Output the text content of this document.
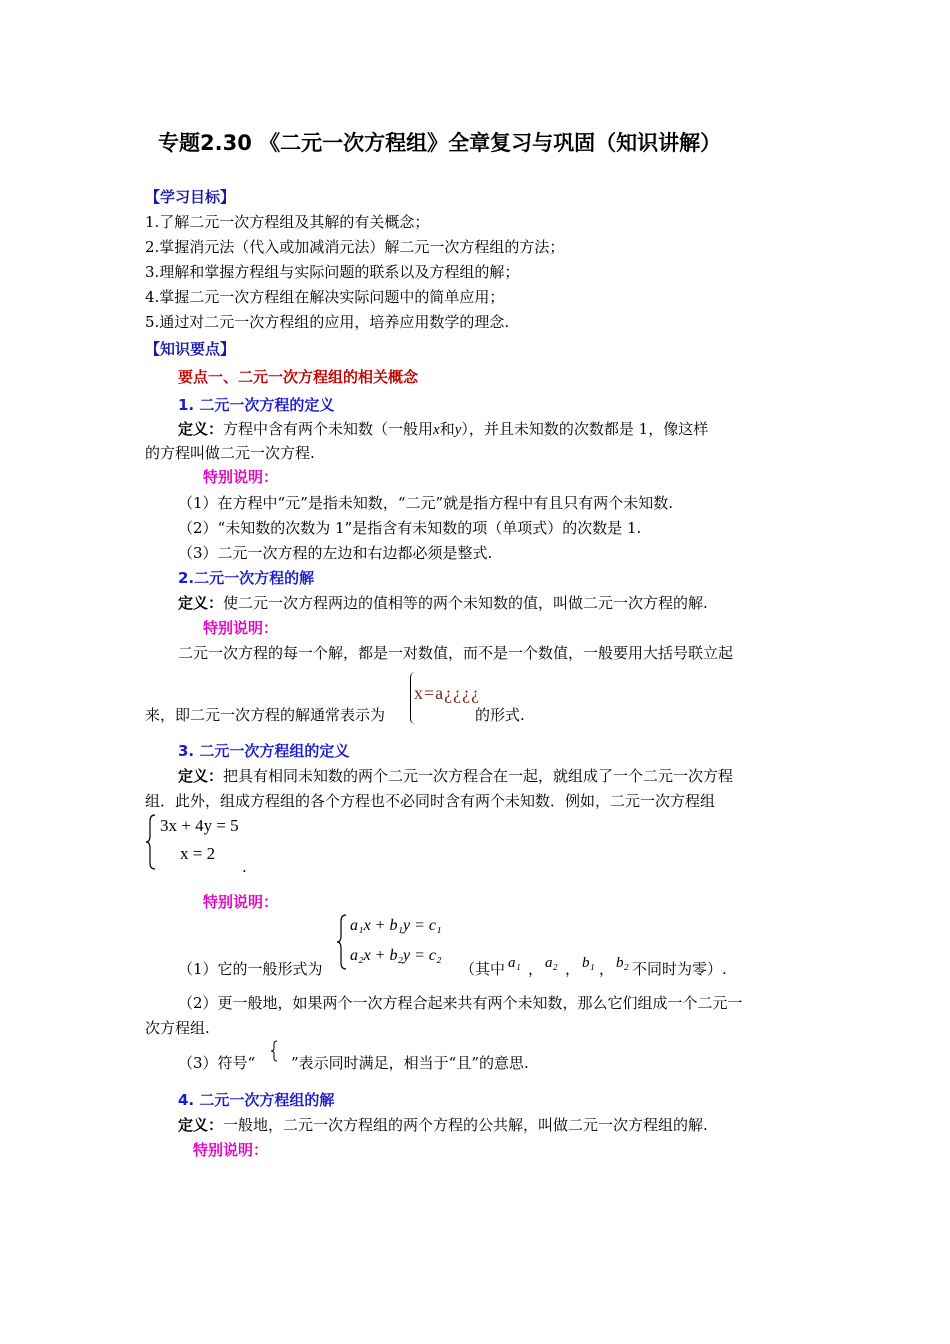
专题2.30 《二元一次方程组》全章复习与巩固（知识讲解）
【学习目标】
1.了解二元一次方程组及其解的有关概念；
2.掌握消元法（代入或加减消元法）解二元一次方程组的方法；
3.理解和掌握方程组与实际问题的联系以及方程组的解；
4.掌握二元一次方程组在解决实际问题中的简单应用；
5.通过对二元一次方程组的应用，培养应用数学的理念.
【知识要点】
要点一、二元一次方程组的相关概念
1. 二元一次方程的定义
定义：方程中含有两个未知数（一般用x和y），并且未知数的次数都是 1，像这样
的方程叫做二元一次方程.
特别说明：
（1）在方程中“元”是指未知数，“二元”就是指方程中有且只有两个未知数.
（2）“未知数的次数为 1”是指含有未知数的项（单项式）的次数是 1.
（3）二元一次方程的左边和右边都必须是整式.
2.二元一次方程的解
定义：使二元一次方程两边的值相等的两个未知数的值，叫做二元一次方程的解.
特别说明：
二元一次方程的每一个解，都是一对数值，而不是一个数值，一般要用大括号联立起
来，即二元一次方程的解通常表示为
x=a¿¿¿¿
的形式.
3. 二元一次方程组的定义
定义：把具有相同未知数的两个二元一次方程合在一起，就组成了一个二元一次方程
组．此外，组成方程组的各个方程也不必同时含有两个未知数．例如，二元一次方程组
3x + 4y = 5
x = 2
.
特别说明：
（1）它的一般形式为
a₁x + b₁y = c₁
a₂x + b₂y = c₂
（其中 a₁ ， a₂ ， b₁ ， b₂ 不同时为零）.
（2）更一般地，如果两个一次方程合起来共有两个未知数，那么它们组成一个二元一
次方程组.
（3）符号“ ”表示同时满足，相当于“且”的意思.
4. 二元一次方程组的解
定义：一般地，二元一次方程组的两个方程的公共解，叫做二元一次方程组的解.
特别说明：
